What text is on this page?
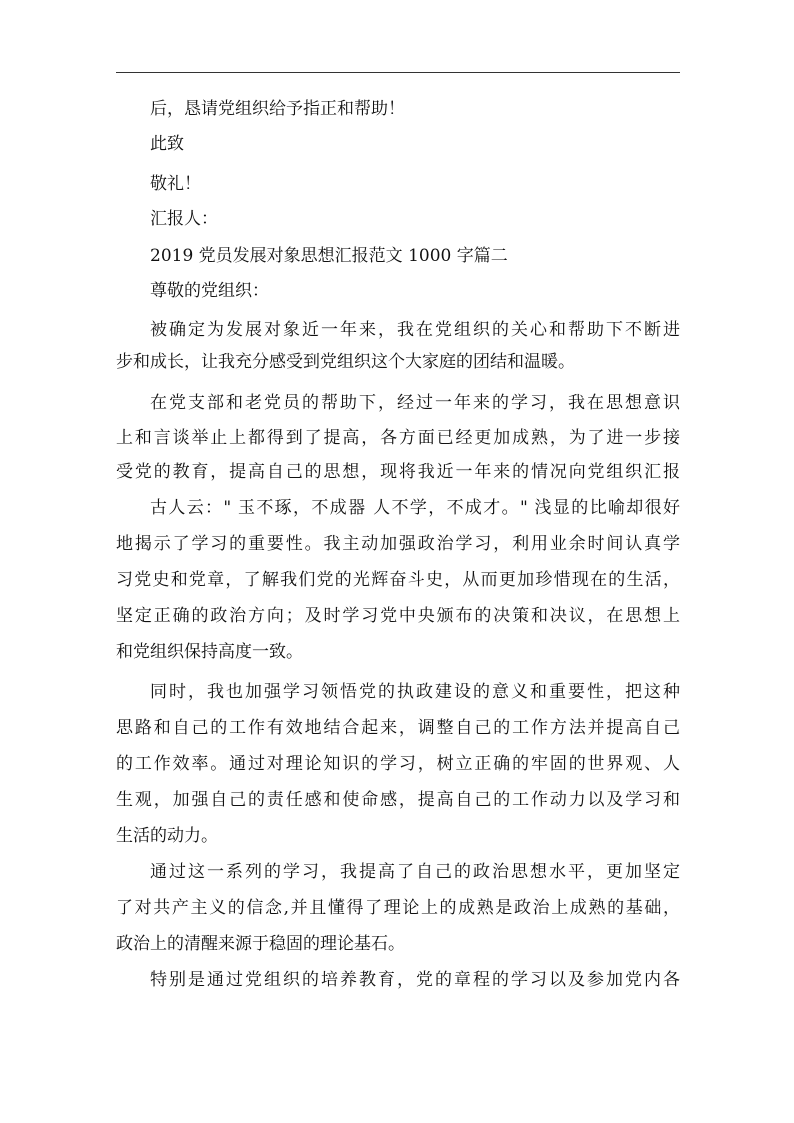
后，恳请党组织给予指正和帮助！
此致
敬礼！
汇报人：
2019 党员发展对象思想汇报范文 1000 字篇二
尊敬的党组织：
被确定为发展对象近一年来，我在党组织的关心和帮助下不断进
步和成长，让我充分感受到党组织这个大家庭的团结和温暖。
在党支部和老党员的帮助下，经过一年来的学习，我在思想意识
上和言谈举止上都得到了提高，各方面已经更加成熟，为了进一步接
受党的教育，提高自己的思想，现将我近一年来的情况向党组织汇报
古人云：" 玉不琢，不成器 人不学，不成才。" 浅显的比喻却很好
地揭示了学习的重要性。我主动加强政治学习，利用业余时间认真学
习党史和党章，了解我们党的光辉奋斗史，从而更加珍惜现在的生活，
坚定正确的政治方向；及时学习党中央颁布的决策和决议，在思想上
和党组织保持高度一致。
同时，我也加强学习领悟党的执政建设的意义和重要性，把这种
思路和自己的工作有效地结合起来，调整自己的工作方法并提高自己
的工作效率。通过对理论知识的学习，树立正确的牢固的世界观、人
生观，加强自己的责任感和使命感，提高自己的工作动力以及学习和
生活的动力。
通过这一系列的学习，我提高了自己的政治思想水平，更加坚定
了对共产主义的信念,并且懂得了理论上的成熟是政治上成熟的基础，
政治上的清醒来源于稳固的理论基石。
特别是通过党组织的培养教育，党的章程的学习以及参加党内各
